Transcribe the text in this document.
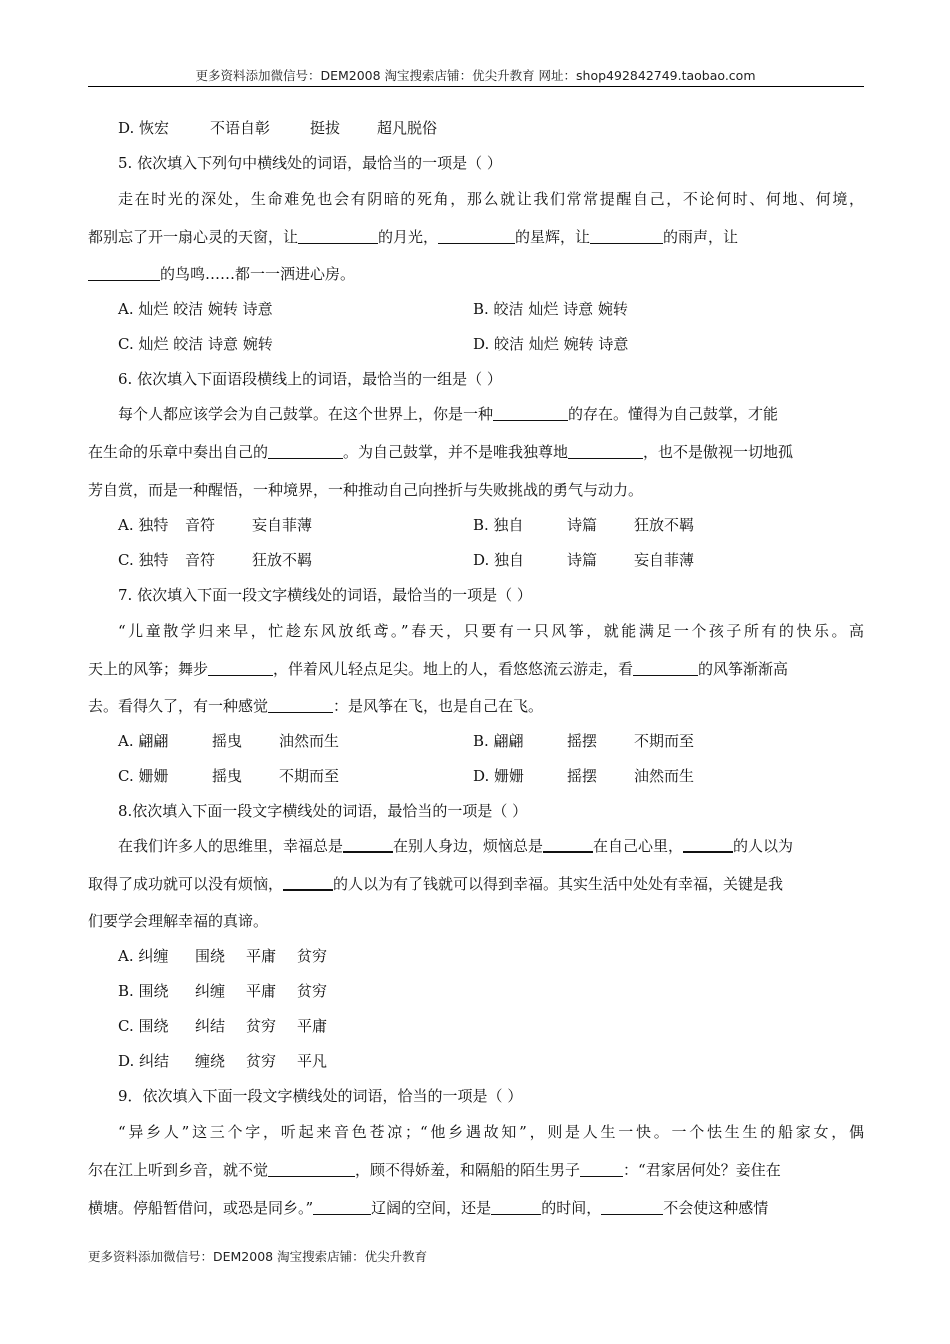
更多资料添加微信号：DEM2008 淘宝搜索店铺：优尖升教育 网址：shop492842749.taobao.com
D. 恢宏	不语自彰	挺拔 超凡脱俗
5. 依次填入下列句中横线处的词语，最恰当的一项是（ ）
走在时光的深处，生命难免也会有阴暗的死角，那么就让我们常常提醒自己，不论何时、何地、何境，
都别忘了开一扇心灵的天窗，让	的月光，	的星辉，让	的雨声，让
的鸟鸣……都一一洒进心房。
A. 灿烂 皎洁 婉转 诗意	B. 皎洁 灿烂 诗意 婉转
C. 灿烂 皎洁 诗意 婉转	D. 皎洁 灿烂 婉转 诗意
6. 依次填入下面语段横线上的词语，最恰当的一组是（ ）
每个人都应该学会为自己鼓掌。在这个世界上，你是一种	的存在。懂得为自己鼓掌，才能
在生命的乐章中奏出自己的	。为自己鼓掌，并不是唯我独尊地	，也不是傲视一切地孤
芳自赏，而是一种醒悟，一种境界，一种推动自己向挫折与失败挑战的勇气与动力。
A. 独特 音符 妄自菲薄	B. 独自	诗篇 狂放不羁
C. 独特 音符 狂放不羁	D. 独自	诗篇 妄自菲薄
7. 依次填入下面一段文字横线处的词语，最恰当的一项是（ ）
“儿童散学归来早，忙趁东风放纸鸢。”春天，只要有一只风筝，就能满足一个孩子所有的快乐。高
天上的风筝；舞步	，伴着风儿轻点足尖。地上的人，看悠悠流云游走，看	的风筝渐渐高
去。看得久了，有一种感觉	：是风筝在飞，也是自己在飞。
A. 翩翩	摇曳 油然而生	B. 翩翩	摇摆 不期而至
C. 姗姗	摇曳 不期而至	D. 姗姗	摇摆 油然而生
8.依次填入下面一段文字横线处的词语，最恰当的一项是（ ）
在我们许多人的思维里，幸福总是	在别人身边，烦恼总是	在自己心里，	的人以为
取得了成功就可以没有烦恼，	的人以为有了钱就可以得到幸福。其实生活中处处有幸福，关键是我
们要学会理解幸福的真谛。
A. 纠缠 围绕 平庸 贫穷
B. 围绕 纠缠 平庸 贫穷
C. 围绕 纠结 贫穷 平庸
D. 纠结 缠绕 贫穷 平凡
9．依次填入下面一段文字横线处的词语，恰当的一项是（ ）
“异乡人”这三个字，听起来音色苍凉；“他乡遇故知”，则是人生一快。一个怯生生的船家女，偶
尔在江上听到乡音，就不觉	，顾不得娇羞，和隔船的陌生男子	：“君家居何处？妾住在
横塘。停船暂借问，或恐是同乡。”	辽阔的空间，还是	的时间，	不会使这种感情
更多资料添加微信号：DEM2008 淘宝搜索店铺：优尖升教育
